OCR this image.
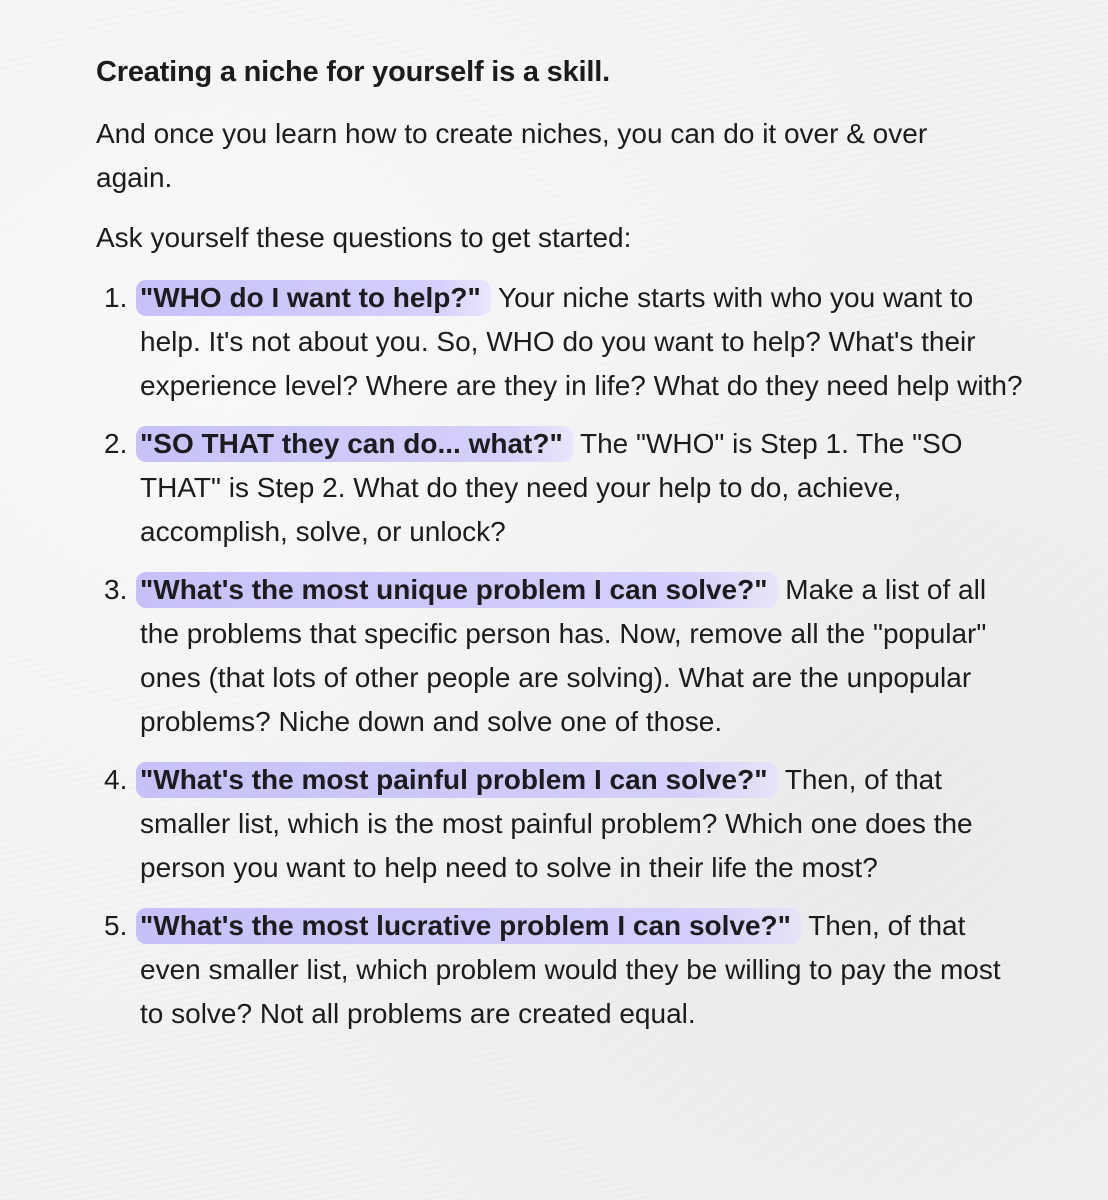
Creating a niche for yourself is a skill.

And once you learn how to create niches, you can do it over & over again.

Ask yourself these questions to get started:

1. "WHO do I want to help?" Your niche starts with who you want to help. It's not about you. So, WHO do you want to help? What's their experience level? Where are they in life? What do they need help with?
2. "SO THAT they can do... what?" The "WHO" is Step 1. The "SO THAT" is Step 2. What do they need your help to do, achieve, accomplish, solve, or unlock?
3. "What's the most unique problem I can solve?" Make a list of all the problems that specific person has. Now, remove all the "popular" ones (that lots of other people are solving). What are the unpopular problems? Niche down and solve one of those.
4. "What's the most painful problem I can solve?" Then, of that smaller list, which is the most painful problem? Which one does the person you want to help need to solve in their life the most?
5. "What's the most lucrative problem I can solve?" Then, of that even smaller list, which problem would they be willing to pay the most to solve? Not all problems are created equal.
